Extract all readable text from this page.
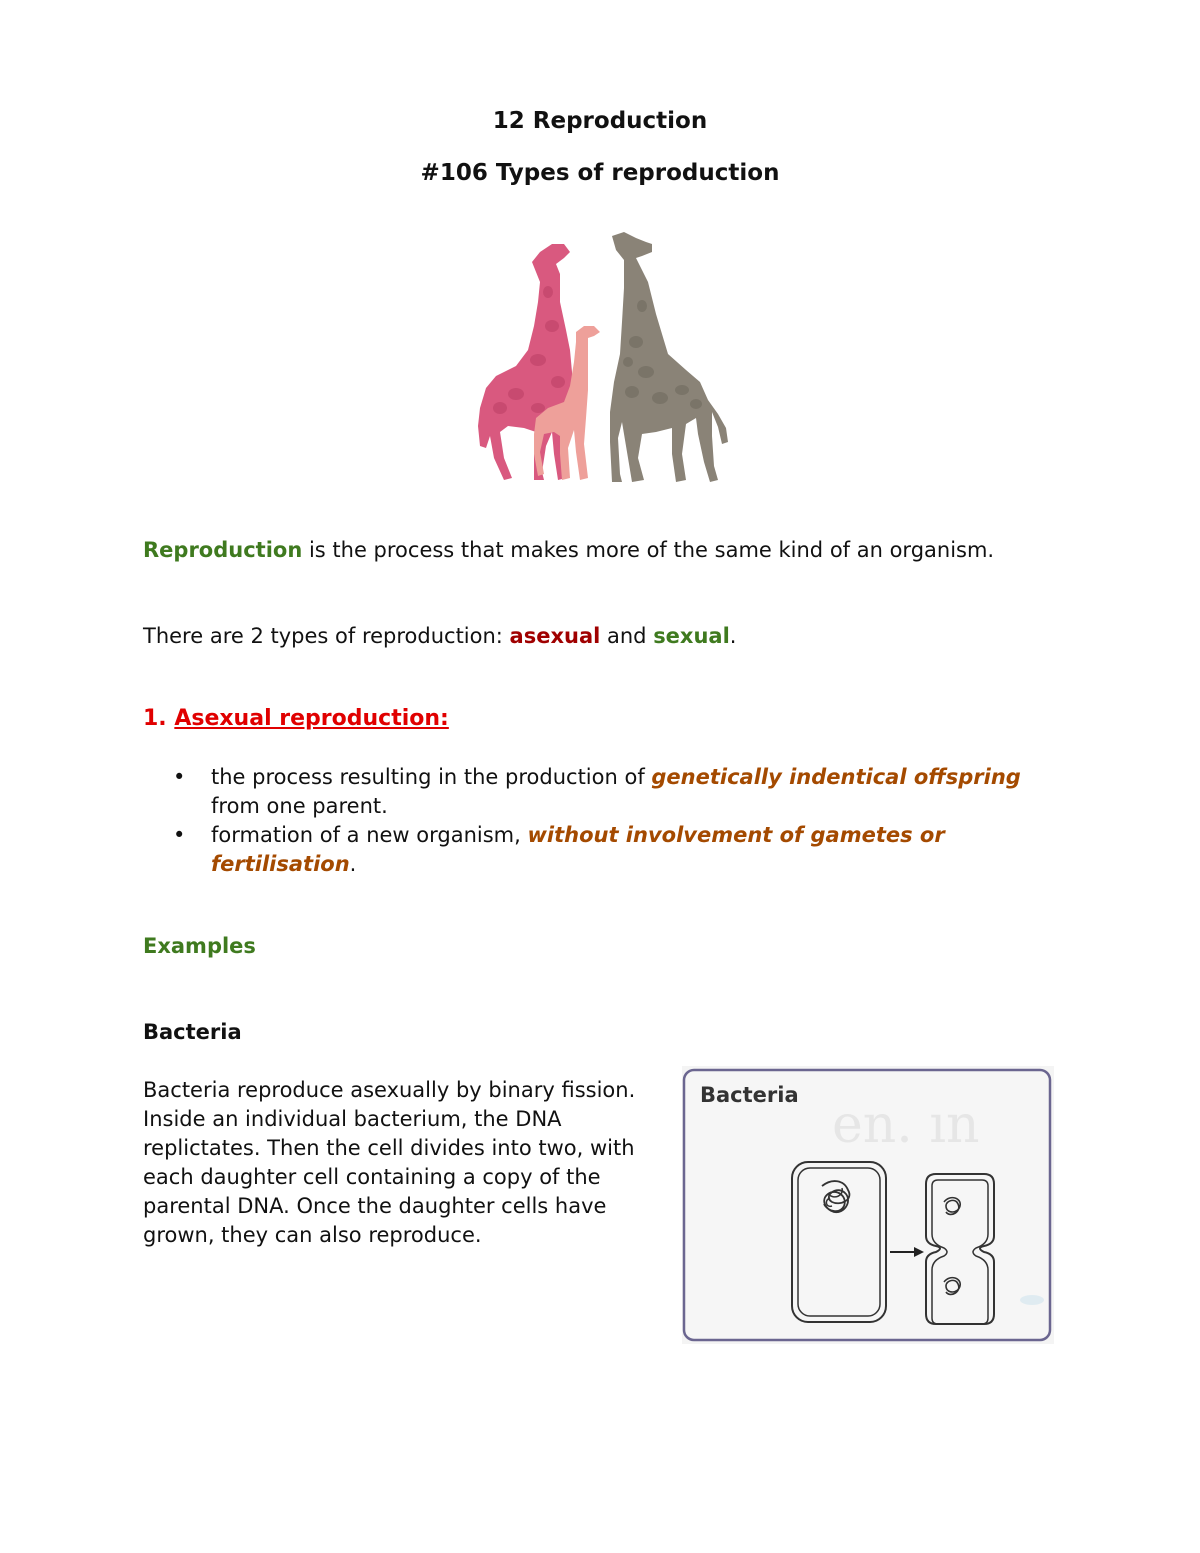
12 Reproduction
#106 Types of reproduction
Reproduction is the process that makes more of the same kind of an organism.
There are 2 types of reproduction: asexual and sexual.
1. Asexual reproduction:
• the process resulting in the production of genetically indentical offspring from one parent.
• formation of a new organism, without involvement of gametes or fertilisation.
Examples
Bacteria
Bacteria reproduce asexually by binary fission. Inside an individual bacterium, the DNA replictates. Then the cell divides into two, with each daughter cell containing a copy of the parental DNA. Once the daughter cells have grown, they can also reproduce.
Bacteria en. ın
